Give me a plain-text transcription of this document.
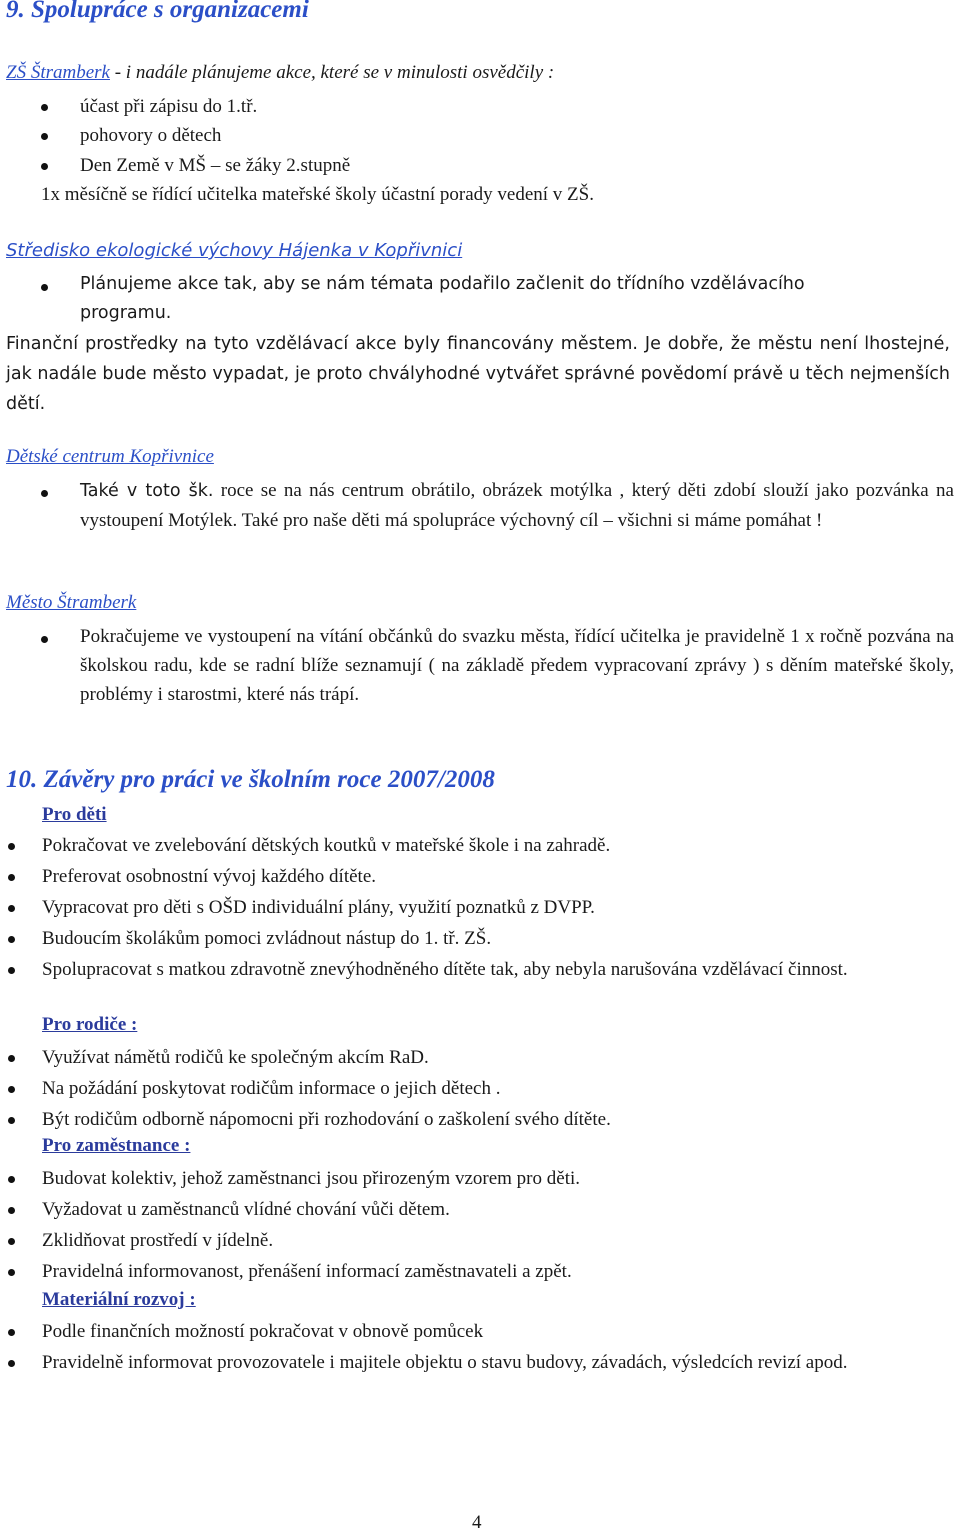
9. Spolupráce s organizacemi
ZŠ Štramberk - i nadále plánujeme akce, které se v minulosti osvědčily :
účast při zápisu do 1.tř.
pohovory o dětech
Den Země v MŠ – se žáky 2.stupně
1x měsíčně se řídící učitelka mateřské školy účastní porady vedení v ZŠ.
Středisko ekologické výchovy Hájenka v Kopřivnici
Plánujeme akce tak, aby se nám témata podařilo začlenit do třídního vzdělávacího
programu.
Finanční prostředky na tyto vzdělávací akce byly financovány městem. Je dobře, že městu není lhostejné, jak nadále bude město vypadat, je proto chvályhodné vytvářet správné povědomí právě u těch nejmenších dětí.
Dětské centrum Kopřivnice
Také v toto šk. roce se na nás centrum obrátilo, obrázek motýlka , který děti zdobí slouží jako pozvánka na vystoupení Motýlek. Také pro naše děti má spolupráce výchovný cíl – všichni si máme pomáhat !
Město Štramberk
Pokračujeme ve vystoupení na vítání občánků do svazku města, řídící učitelka je pravidelně 1 x ročně pozvána na školskou radu, kde se radní blíže seznamují ( na základě předem vypracovaní zprávy ) s děním mateřské školy, problémy i starostmi, které nás trápí.
10. Závěry pro práci ve školním roce 2007/2008
Pro děti
Pokračovat ve zvelebování dětských koutků v mateřské škole i na zahradě.
Preferovat osobnostní vývoj každého dítěte.
Vypracovat pro děti s OŠD individuální plány, využití poznatků z DVPP.
Budoucím školákům pomoci zvládnout nástup do 1. tř. ZŠ.
Spolupracovat s matkou zdravotně znevýhodněného dítěte tak, aby nebyla narušována vzdělávací činnost.
Pro rodiče :
Využívat námětů rodičů ke společným akcím RaD.
Na požádání poskytovat rodičům informace o jejich dětech .
Být rodičům odborně nápomocni při rozhodování o zaškolení svého dítěte.
Pro zaměstnance :
Budovat kolektiv, jehož zaměstnanci jsou přirozeným vzorem pro děti.
Vyžadovat u zaměstnanců vlídné chování vůči dětem.
Zklidňovat prostředí v jídelně.
Pravidelná informovanost, přenášení informací zaměstnavateli a zpět.
Materiální rozvoj :
Podle finančních možností pokračovat v obnově pomůcek
Pravidelně informovat provozovatele i majitele objektu o stavu budovy, závadách, výsledcích revizí apod.
4
